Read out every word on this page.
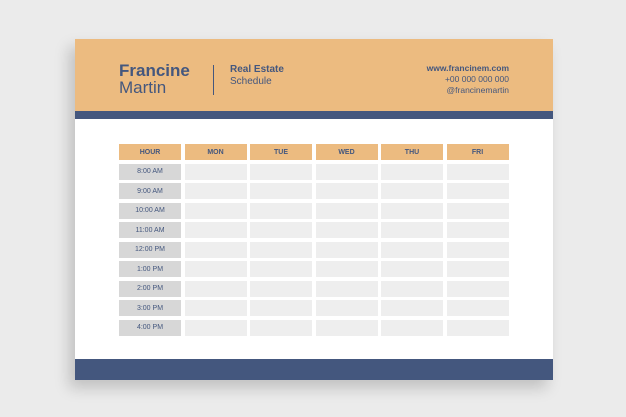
Francine
Martin
Real Estate
Schedule
www.francinem.com
+00 000 000 000
@francinemartin
HOUR	MON	TUE	WED	THU	FRI
8:00 AM
9:00 AM
10:00 AM
11:00 AM
12:00 PM
1:00 PM
2:00 PM
3:00 PM
4:00 PM
